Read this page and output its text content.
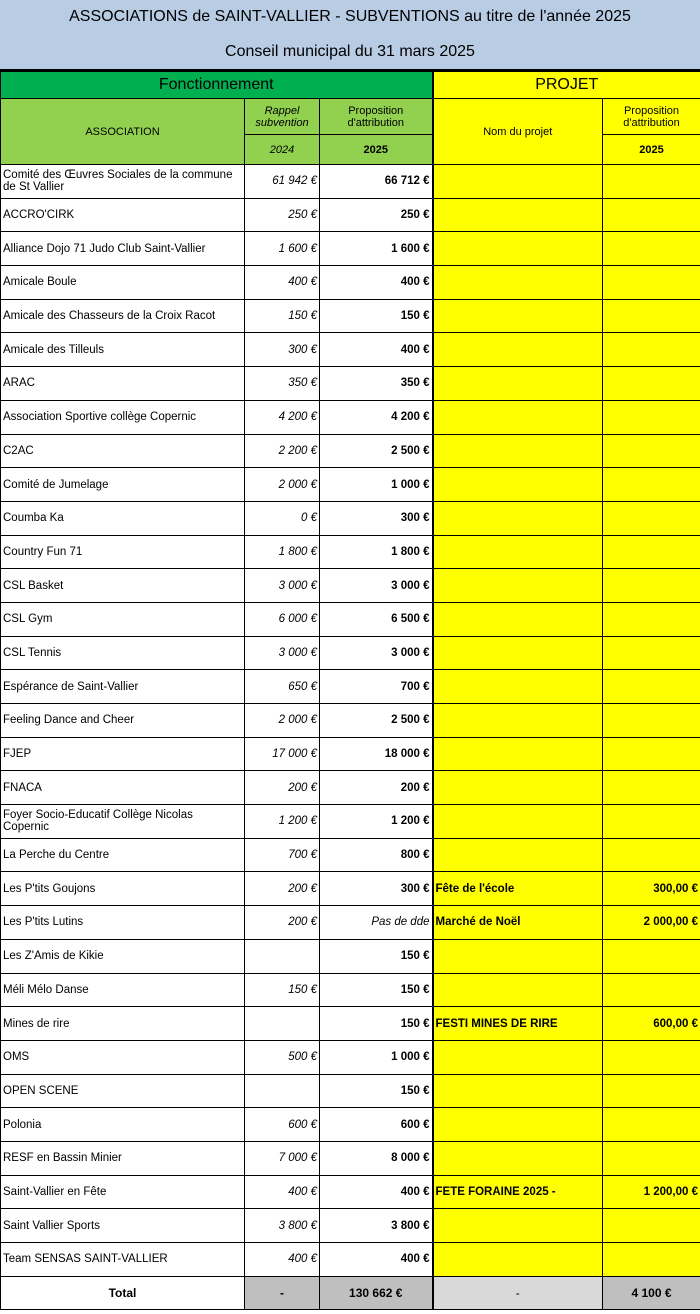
ASSOCIATIONS de SAINT-VALLIER - SUBVENTIONS au titre de l'année 2025
Conseil municipal du 31 mars 2025
Fonctionnement			PROJET	
ASSOCIATION	Rappel subvention	Proposition d'attribution	Nom du projet	Proposition d'attribution
	2024	2025		2025
Comité des Œuvres Sociales de la commune de St Vallier	61 942 €	66 712 €		
ACCRO'CIRK	250 €	250 €		
Alliance Dojo 71 Judo Club Saint-Vallier	1 600 €	1 600 €		
Amicale Boule	400 €	400 €		
Amicale des Chasseurs de la Croix Racot	150 €	150 €		
Amicale des Tilleuls	300 €	400 €		
ARAC	350 €	350 €		
Association Sportive collège Copernic	4 200 €	4 200 €		
C2AC	2 200 €	2 500 €		
Comité de Jumelage	2 000 €	1 000 €		
Coumba Ka	0 €	300 €		
Country Fun 71	1 800 €	1 800 €		
CSL Basket	3 000 €	3 000 €		
CSL Gym	6 000 €	6 500 €		
CSL Tennis	3 000 €	3 000 €		
Espérance de Saint-Vallier	650 €	700 €		
Feeling Dance and Cheer	2 000 €	2 500 €		
FJEP	17 000 €	18 000 €		
FNACA	200 €	200 €		
Foyer Socio-Educatif Collège Nicolas Copernic	1 200 €	1 200 €		
La Perche du Centre	700 €	800 €		
Les P'tits Goujons	200 €	300 €	Fête de l'école	300,00 €
Les P'tits Lutins	200 €	Pas de dde	Marché de Noël	2 000,00 €
Les Z'Amis de Kikie		150 €		
Méli Mélo Danse	150 €	150 €		
Mines de rire		150 €	FESTI MINES DE RIRE	600,00 €
OMS	500 €	1 000 €		
OPEN SCENE		150 €		
Polonia	600 €	600 €		
RESF en Bassin Minier	7 000 €	8 000 €		
Saint-Vallier en Fête	400 €	400 €	FETE FORAINE 2025 -	1 200,00 €
Saint Vallier Sports	3 800 €	3 800 €		
Team SENSAS SAINT-VALLIER	400 €	400 €		
Total	-	130 662 €	-	4 100 €
